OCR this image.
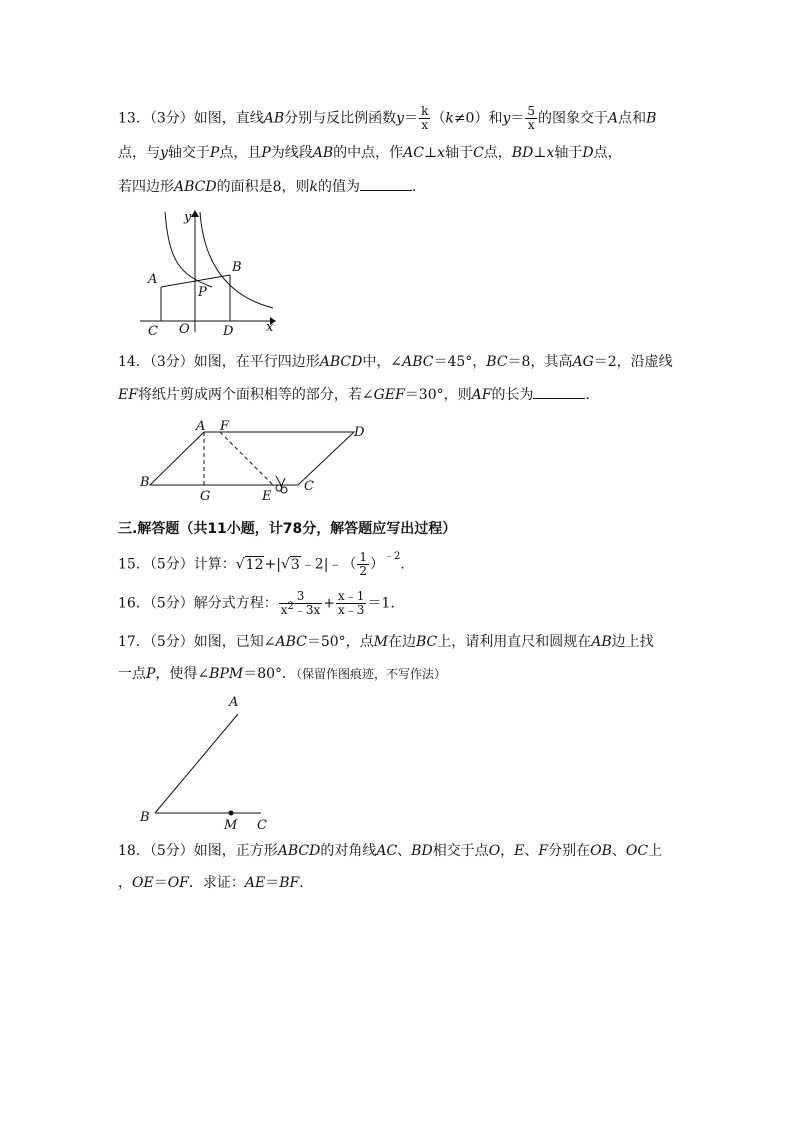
13．（3分）如图，直线AB分别与反比例函数$y= \frac{k}{x} (k\ne 0)$和$y= \frac{5}{x}$ 的图象交于A点和B
点，与y轴交于P点，且P为线段AB的中点，作AC⊥x轴于C点，BD⊥x轴于D点，
若四边形ABCD的面积是8，则k的值为	．
y
x
A
B
P
C O	D
14．（3分）如图，在平行四边形ABCD中，∠ABC＝45°，BC＝8，其高AG＝2，沿虚线
EF将纸片剪成两个面积相等的部分，若∠GEF＝30°，则AF的长为	．
A F	D
B
G	E
C
三.解答题（共11小题，计78分，解答题应写出过程）
15．（5分）计算：√12+|√3﹣2|﹣（ $\frac{1}{2} )^{﹣2}$．
16．（5分）解分式方程： $\frac{3}{x^2﹣3x} + \frac{x﹣1}{x﹣3} =1$．
17．（5分）如图，已知∠ABC＝50°，点M在边BC上，请利用直尺和圆规在AB边上找
一点P，使得∠BPM＝80°．（保留作图痕迹，不写作法）
A
B
M C
18．（5分）如图，正方形ABCD的对角线AC、BD相交于点O，E、F分别在OB、OC上
，OE＝OF．求证：AE＝BF．
